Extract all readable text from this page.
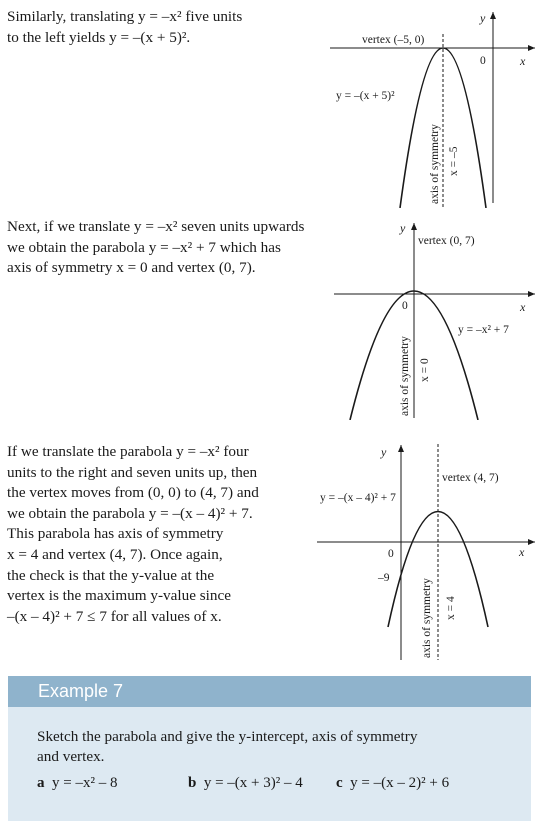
Similarly, translating y = –x² five units
to the left yields y = –(x + 5)².

y
x
0
vertex (–5, 0)
y = –(x + 5)²
axis of symmetry x = –5

Next, if we translate y = –x² seven units upwards
we obtain the parabola y = –x² + 7 which has
axis of symmetry x = 0 and vertex (0, 7).

y
x
0
vertex (0, 7)
y = –x² + 7
axis of symmetry x = 0

If we translate the parabola y = –x² four
units to the right and seven units up, then
the vertex moves from (0, 0) to (4, 7) and
we obtain the parabola y = –(x – 4)² + 7.
This parabola has axis of symmetry
x = 4 and vertex (4, 7). Once again,
the check is that the y-value at the
vertex is the maximum y-value since
–(x – 4)² + 7 ≤ 7 for all values of x.

y
x
0
–9
vertex (4, 7)
y = –(x – 4)² + 7
axis of symmetry x = 4
Example 7

Sketch the parabola and give the y-intercept, axis of symmetry
and vertex.

a y = –x² – 8	b y = –(x + 3)² – 4 c y = –(x – 2)² + 6
